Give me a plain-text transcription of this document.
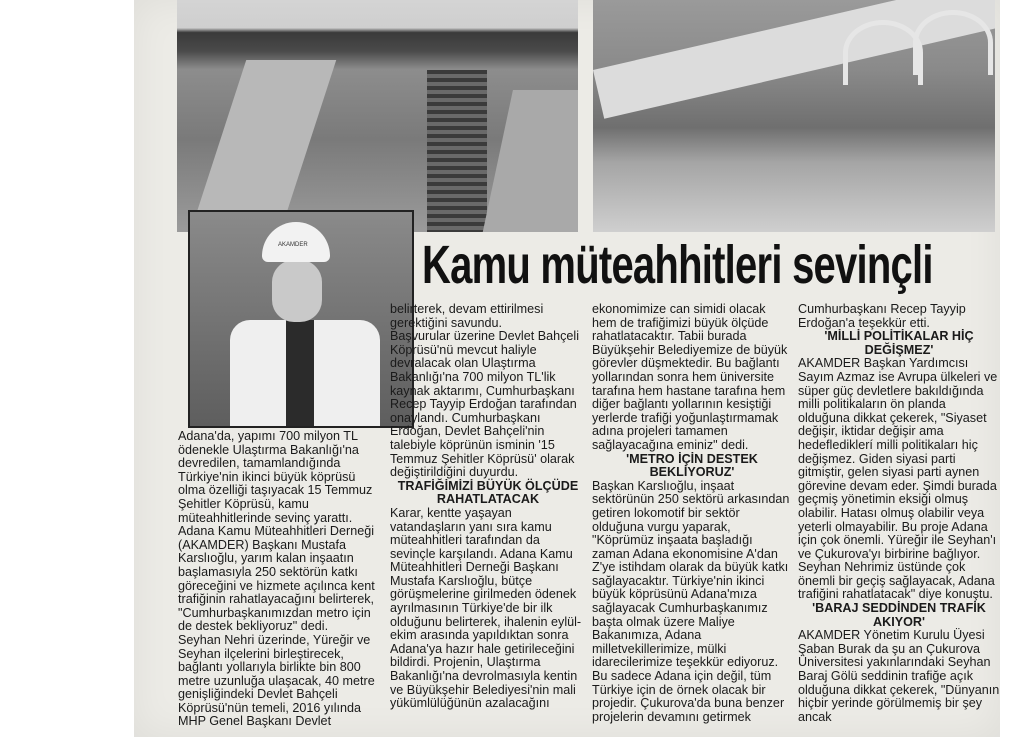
AKAMDER Kamu müteahhitleri sevinçli

Adana'da, yapımı 700 milyon TL ödenekle Ulaştırma Bakanlığı'na devredilen, tamamlandığında Türkiye'nin ikinci büyük köprüsü olma özelliği taşıyacak 15 Temmuz Şehitler Köprüsü, kamu müteahhitlerinde sevinç yarattı. Adana Kamu Müteahhitleri Derneği (AKAMDER) Başkanı Mustafa Karslıoğlu, yarım kalan inşaatın başlamasıyla 250 sektörün katkı göreceğini ve hizmete açılınca kent trafiğinin rahatlayacağını belirterek, "Cumhurbaşkanımızdan metro için de destek bekliyoruz" dedi.

Seyhan Nehri üzerinde, Yüreğir ve Seyhan ilçelerini birleştirecek, bağlantı yollarıyla birlikte bin 800 metre uzunluğa ulaşacak, 40 metre genişliğindeki Devlet Bahçeli Köprüsü'nün temeli, 2016 yılında MHP Genel Başkanı Devlet

belirterek, devam ettirilmesi gerektiğini savundu.

Başvurular üzerine Devlet Bahçeli Köprüsü'nü mevcut haliyle devralacak olan Ulaştırma Bakanlığı'na 700 milyon TL'lik kaynak aktarımı, Cumhurbaşkanı Recep Tayyip Erdoğan tarafından onaylandı. Cumhurbaşkanı Erdoğan, Devlet Bahçeli'nin talebiyle köprünün isminin '15 Temmuz Şehitler Köprüsü' olarak değiştirildiğini duyurdu.

TRAFİĞİMİZİ BÜYÜK ÖLÇÜDE RAHATLATACAK

Karar, kentte yaşayan vatandaşların yanı sıra kamu müteahhitleri tarafından da sevinçle karşılandı. Adana Kamu Müteahhitleri Derneği Başkanı Mustafa Karslıoğlu, bütçe görüşmelerine girilmeden ödenek ayrılmasının Türkiye'de bir ilk olduğunu belirterek, ihalenin eylül-ekim arasında yapıldıktan sonra Adana'ya hazır hale getirileceğini bildirdi. Projenin, Ulaştırma Bakanlığı'na devrolmasıyla kentin ve Büyükşehir Belediyesi'nin mali yükümlülüğünün azalacağını

ekonomimize can simidi olacak hem de trafiğimizi büyük ölçüde rahatlatacaktır. Tabii burada Büyükşehir Belediyemize de büyük görevler düşmektedir. Bu bağlantı yollarından sonra hem üniversite tarafına hem hastane tarafına hem diğer bağlantı yollarının kesiştiği yerlerde trafiği yoğunlaştırmamak adına projeleri tamamen sağlayacağına eminiz" dedi.

'METRO İÇİN DESTEK BEKLİYORUZ'

Başkan Karslıoğlu, inşaat sektörünün 250 sektörü arkasından getiren lokomotif bir sektör olduğuna vurgu yaparak, "Köprümüz inşaata başladığı zaman Adana ekonomisine A'dan Z'ye istihdam olarak da büyük katkı sağlayacaktır. Türkiye'nin ikinci büyük köprüsünü Adana'mıza sağlayacak Cumhurbaşkanımız başta olmak üzere Maliye Bakanımıza, Adana milletvekillerimize, mülki idarecilerimize teşekkür ediyoruz. Bu sadece Adana için değil, tüm Türkiye için de örnek olacak bir projedir. Çukurova'da buna benzer projelerin devamını getirmek

Cumhurbaşkanı Recep Tayyip Erdoğan'a teşekkür etti.

'MİLLİ POLİTİKALAR HİÇ DEĞİŞMEZ'

AKAMDER Başkan Yardımcısı Sayım Azmaz ise Avrupa ülkeleri ve süper güç devletlere bakıldığında milli politikaların ön planda olduğuna dikkat çekerek, "Siyaset değişir, iktidar değişir ama hedeflediklerí milli politikaları hiç değişmez. Giden siyasi parti gitmiştir, gelen siyasi parti aynen görevine devam eder. Şimdi burada geçmiş yönetimin eksiği olmuş olabilir. Hatası olmuş olabilir veya yeterli olmayabilir. Bu proje Adana için çok önemli. Yüreğir ile Seyhan'ı ve Çukurova'yı birbirine bağlıyor. Seyhan Nehrimiz üstünde çok önemli bir geçiş sağlayacak, Adana trafiğini rahatlatacak" diye konuştu.

'BARAJ SEDDİNDEN TRAFİK AKIYOR'

AKAMDER Yönetim Kurulu Üyesi Şaban Burak da şu an Çukurova Üniversitesi yakınlarındaki Seyhan Baraj Gölü seddinin trafiğe açık olduğuna dikkat çekerek, "Dünyanın hiçbir yerinde görülmemiş bir şey ancak
